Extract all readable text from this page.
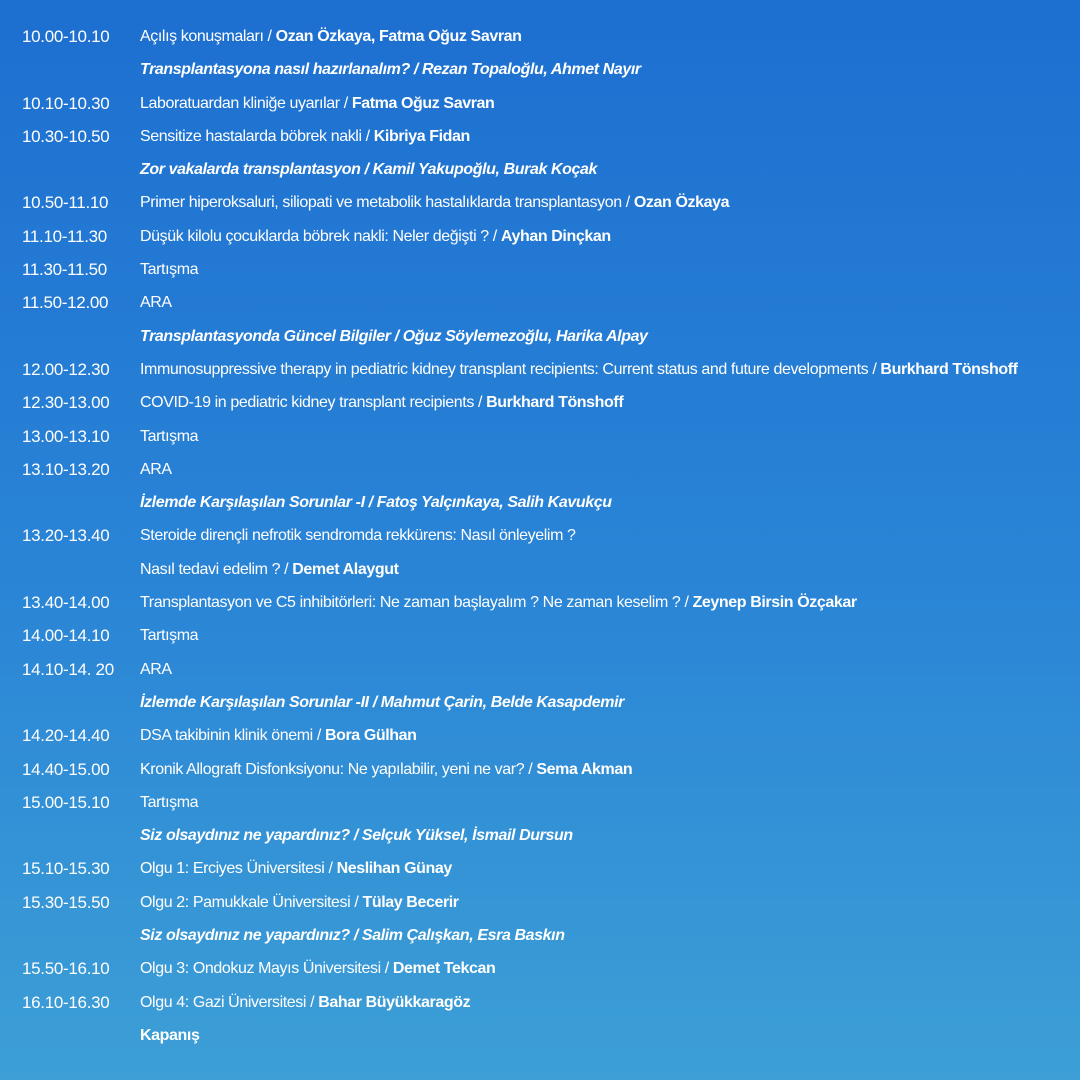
10.00-10.10 Açılış konuşmaları / Ozan Özkaya, Fatma Oğuz Savran
Transplantasyona nasıl hazırlanalım? / Rezan Topaloğlu, Ahmet Nayır
10.10-10.30 Laboratuardan kliniğe uyarılar / Fatma Oğuz Savran
10.30-10.50 Sensitize hastalarda böbrek nakli / Kibriya Fidan
Zor vakalarda transplantasyon / Kamil Yakupoğlu, Burak Koçak
10.50-11.10 Primer hiperoksaluri, siliopati ve metabolik hastalıklarda transplantasyon / Ozan Özkaya
11.10-11.30 Düşük kilolu çocuklarda böbrek nakli: Neler değişti ? / Ayhan Dinçkan
11.30-11.50 Tartışma
11.50-12.00 ARA
Transplantasyonda Güncel Bilgiler / Oğuz Söylemezoğlu, Harika Alpay
12.00-12.30 Immunosuppressive therapy in pediatric kidney transplant recipients: Current status and future developments / Burkhard Tönshoff
12.30-13.00 COVID-19 in pediatric kidney transplant recipients / Burkhard Tönshoff
13.00-13.10 Tartışma
13.10-13.20 ARA
İzlemde Karşılaşılan Sorunlar -I / Fatoş Yalçınkaya, Salih Kavukçu
13.20-13.40 Steroide dirençli nefrotik sendromda rekkürens: Nasıl önleyelim ?
Nasıl tedavi edelim ? / Demet Alaygut
13.40-14.00 Transplantasyon ve C5 inhibitörleri: Ne zaman başlayalım ? Ne zaman keselim ? / Zeynep Birsin Özçakar
14.00-14.10 Tartışma
14.10-14. 20 ARA
İzlemde Karşılaşılan Sorunlar -II / Mahmut Çarin, Belde Kasapdemir
14.20-14.40 DSA takibinin klinik önemi / Bora Gülhan
14.40-15.00 Kronik Allograft Disfonksiyonu: Ne yapılabilir, yeni ne var? / Sema Akman
15.00-15.10 Tartışma
Siz olsaydınız ne yapardınız? / Selçuk Yüksel, İsmail Dursun
15.10-15.30 Olgu 1: Erciyes Üniversitesi / Neslihan Günay
15.30-15.50 Olgu 2: Pamukkale Üniversitesi / Tülay Becerir
Siz olsaydınız ne yapardınız? / Salim Çalışkan, Esra Baskın
15.50-16.10 Olgu 3: Ondokuz Mayıs Üniversitesi / Demet Tekcan
16.10-16.30 Olgu 4: Gazi Üniversitesi / Bahar Büyükkaragöz
Kapanış
